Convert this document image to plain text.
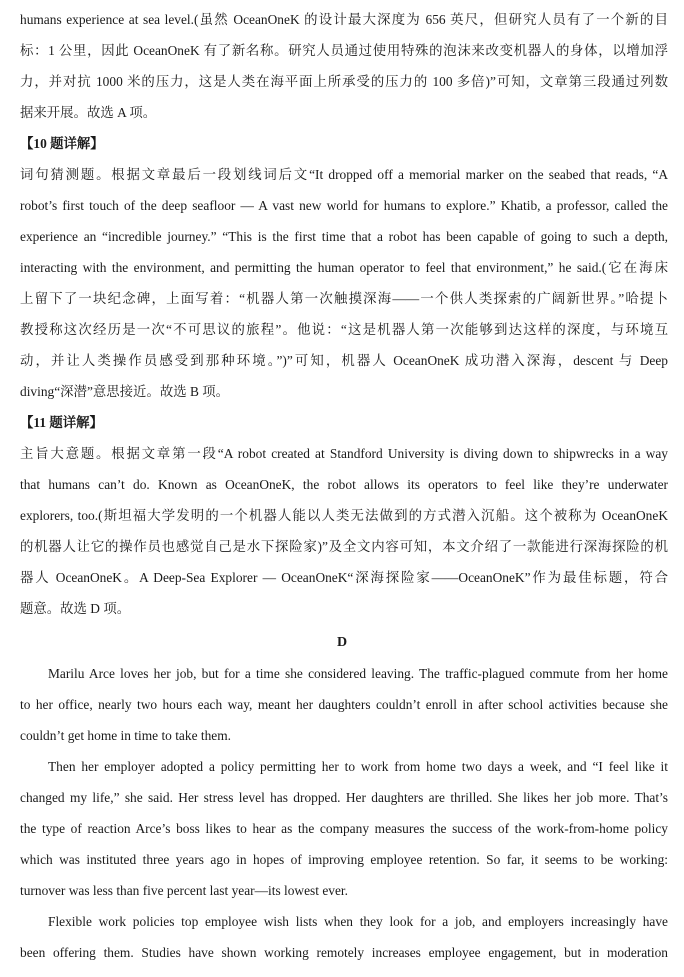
humans experience at sea level.(虽然 OceanOneK 的设计最大深度为 656 英尺，但研究人员有了一个新的目
标：1 公里，因此 OceanOneK 有了新名称。研究人员通过使用特殊的泡沫来改变机器人的身体，以增加浮
力，并对抗 1000 米的压力，这是人类在海平面上所承受的压力的 100 多倍)”可知，文章第三段通过列数
据来开展。故选 A 项。
【10 题详解】
词句猜测题。根据文章最后一段划线词后文“It dropped off a memorial marker on the seabed that reads, “A
robot’s first touch of the deep seafloor — A vast new world for humans to explore.” Khatib, a professor, called the
experience an “incredible journey.” “This is the first time that a robot has been capable of going to such a depth,
interacting with the environment, and permitting the human operator to feel that environment,” he said.(它在海床
上留下了一块纪念碑，上面写着：“机器人第一次触摸深海——一个供人类探索的广阔新世界。”哈提卜
教授称这次经历是一次“不可思议的旅程”。他说：“这是机器人第一次能够到达这样的深度，与环境互
动，并让人类操作员感受到那种环境。”)”可知，机器人 OceanOneK 成功潜入深海，descent 与 Deep
diving“深潜”意思接近。故选 B 项。
【11 题详解】
主旨大意题。根据文章第一段“A robot created at Standford University is diving down to shipwrecks in a way
that humans can’t do. Known as OceanOneK, the robot allows its operators to feel like they’re underwater
explorers, too.(斯坦福大学发明的一个机器人能以人类无法做到的方式潜入沉船。这个被称为 OceanOneK
的机器人让它的操作员也感觉自己是水下探险家)”及全文内容可知，本文介绍了一款能进行深海探险的机
器人 OceanOneK。A Deep-Sea Explorer — OceanOneK“深海探险家——OceanOneK”作为最佳标题，符合
题意。故选 D 项。
D
Marilu Arce loves her job, but for a time she considered leaving. The traffic-plagued commute from her home
to her office, nearly two hours each way, meant her daughters couldn’t enroll in after school activities because she
couldn’t get home in time to take them.
Then her employer adopted a policy permitting her to work from home two days a week, and “I feel like it
changed my life,” she said. Her stress level has dropped. Her daughters are thrilled. She likes her job more. That’s
the type of reaction Arce’s boss likes to hear as the company measures the success of the work-from-home policy
which was instituted three years ago in hopes of improving employee retention. So far, it seems to be working:
turnover was less than five percent last year—its lowest ever.
Flexible work policies top employee wish lists when they look for a job, and employers increasingly have
been offering them. Studies have shown working remotely increases employee engagement, but in moderation
